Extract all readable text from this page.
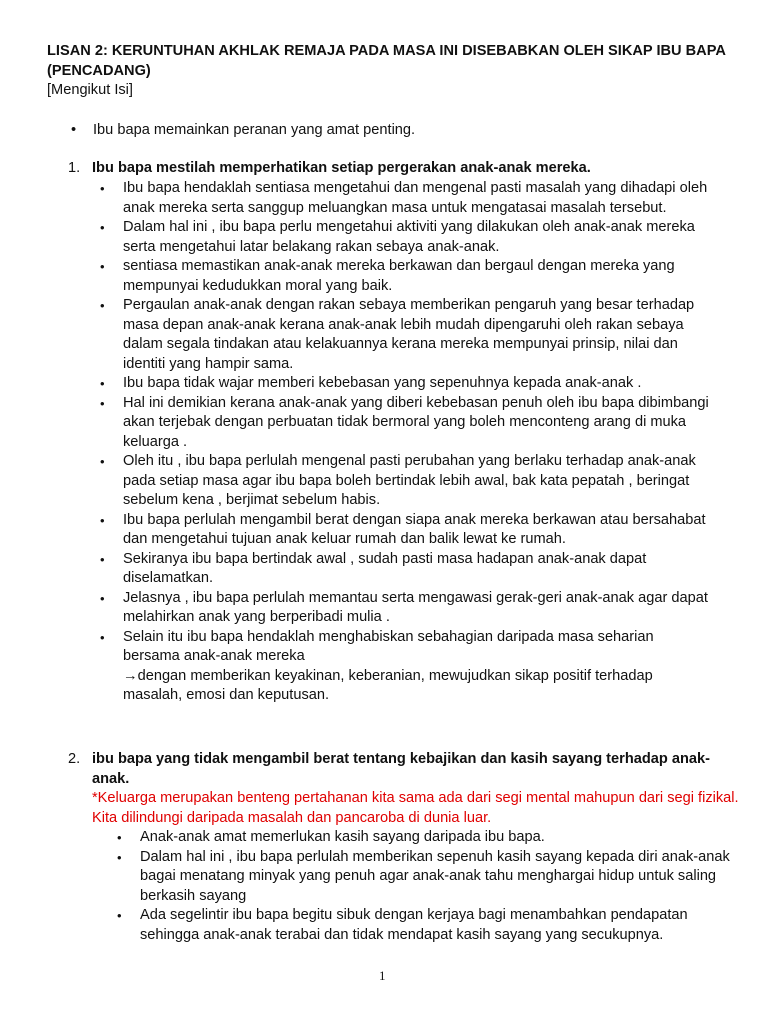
LISAN 2: KERUNTUHAN AKHLAK REMAJA PADA MASA INI DISEBABKAN OLEH SIKAP IBU BAPA (PENCADANG)
[Mengikut Isi]
• Ibu bapa memainkan peranan yang amat penting.
1. Ibu bapa mestilah memperhatikan setiap pergerakan anak-anak mereka.
• Ibu bapa hendaklah sentiasa mengetahui dan mengenal pasti masalah yang dihadapi oleh anak mereka serta sanggup meluangkan masa untuk mengatasai masalah tersebut.
• Dalam hal ini , ibu bapa perlu mengetahui aktiviti yang dilakukan oleh anak-anak mereka serta mengetahui latar belakang rakan sebaya anak-anak.
• sentiasa memastikan anak-anak mereka berkawan dan bergaul dengan mereka yang mempunyai kedudukkan moral yang baik.
• Pergaulan anak-anak dengan rakan sebaya memberikan pengaruh yang besar terhadap masa depan anak-anak kerana anak-anak lebih mudah dipengaruhi oleh rakan sebaya dalam segala tindakan atau kelakuannya kerana mereka mempunyai prinsip, nilai dan identiti yang hampir sama.
• Ibu bapa tidak wajar memberi kebebasan yang sepenuhnya kepada anak-anak .
• Hal ini demikian kerana anak-anak yang diberi kebebasan penuh oleh ibu bapa dibimbangi akan terjebak dengan perbuatan tidak bermoral yang boleh menconteng arang di muka keluarga .
• Oleh itu , ibu bapa perlulah mengenal pasti perubahan yang berlaku terhadap anak-anak pada setiap masa agar ibu bapa boleh bertindak lebih awal, bak kata pepatah , beringat sebelum kena , berjimat sebelum habis.
• Ibu bapa perlulah mengambil berat dengan siapa anak mereka berkawan atau bersahabat dan mengetahui tujuan anak keluar rumah dan balik lewat ke rumah.
• Sekiranya ibu bapa bertindak awal , sudah pasti masa hadapan anak-anak dapat diselamatkan.
• Jelasnya , ibu bapa perlulah memantau serta mengawasi gerak-geri anak-anak agar dapat melahirkan anak yang berperibadi mulia .
• Selain itu ibu bapa hendaklah menghabiskan sebahagian daripada masa seharian bersama anak-anak mereka
→dengan memberikan keyakinan, keberanian, mewujudkan sikap positif terhadap masalah, emosi dan keputusan.
2. ibu bapa yang tidak mengambil berat tentang kebajikan dan kasih sayang terhadap anak-anak.
*Keluarga merupakan benteng pertahanan kita sama ada dari segi mental mahupun dari segi fizikal. Kita dilindungi daripada masalah dan pancaroba di dunia luar.
• Anak-anak amat memerlukan kasih sayang daripada ibu bapa.
• Dalam hal ini , ibu bapa perlulah memberikan sepenuh kasih sayang kepada diri anak-anak bagai menatang minyak yang penuh agar anak-anak tahu menghargai hidup untuk saling berkasih sayang
• Ada segelintir ibu bapa begitu sibuk dengan kerjaya bagi menambahkan pendapatan sehingga anak-anak terabai dan tidak mendapat kasih sayang yang secukupnya.
1
